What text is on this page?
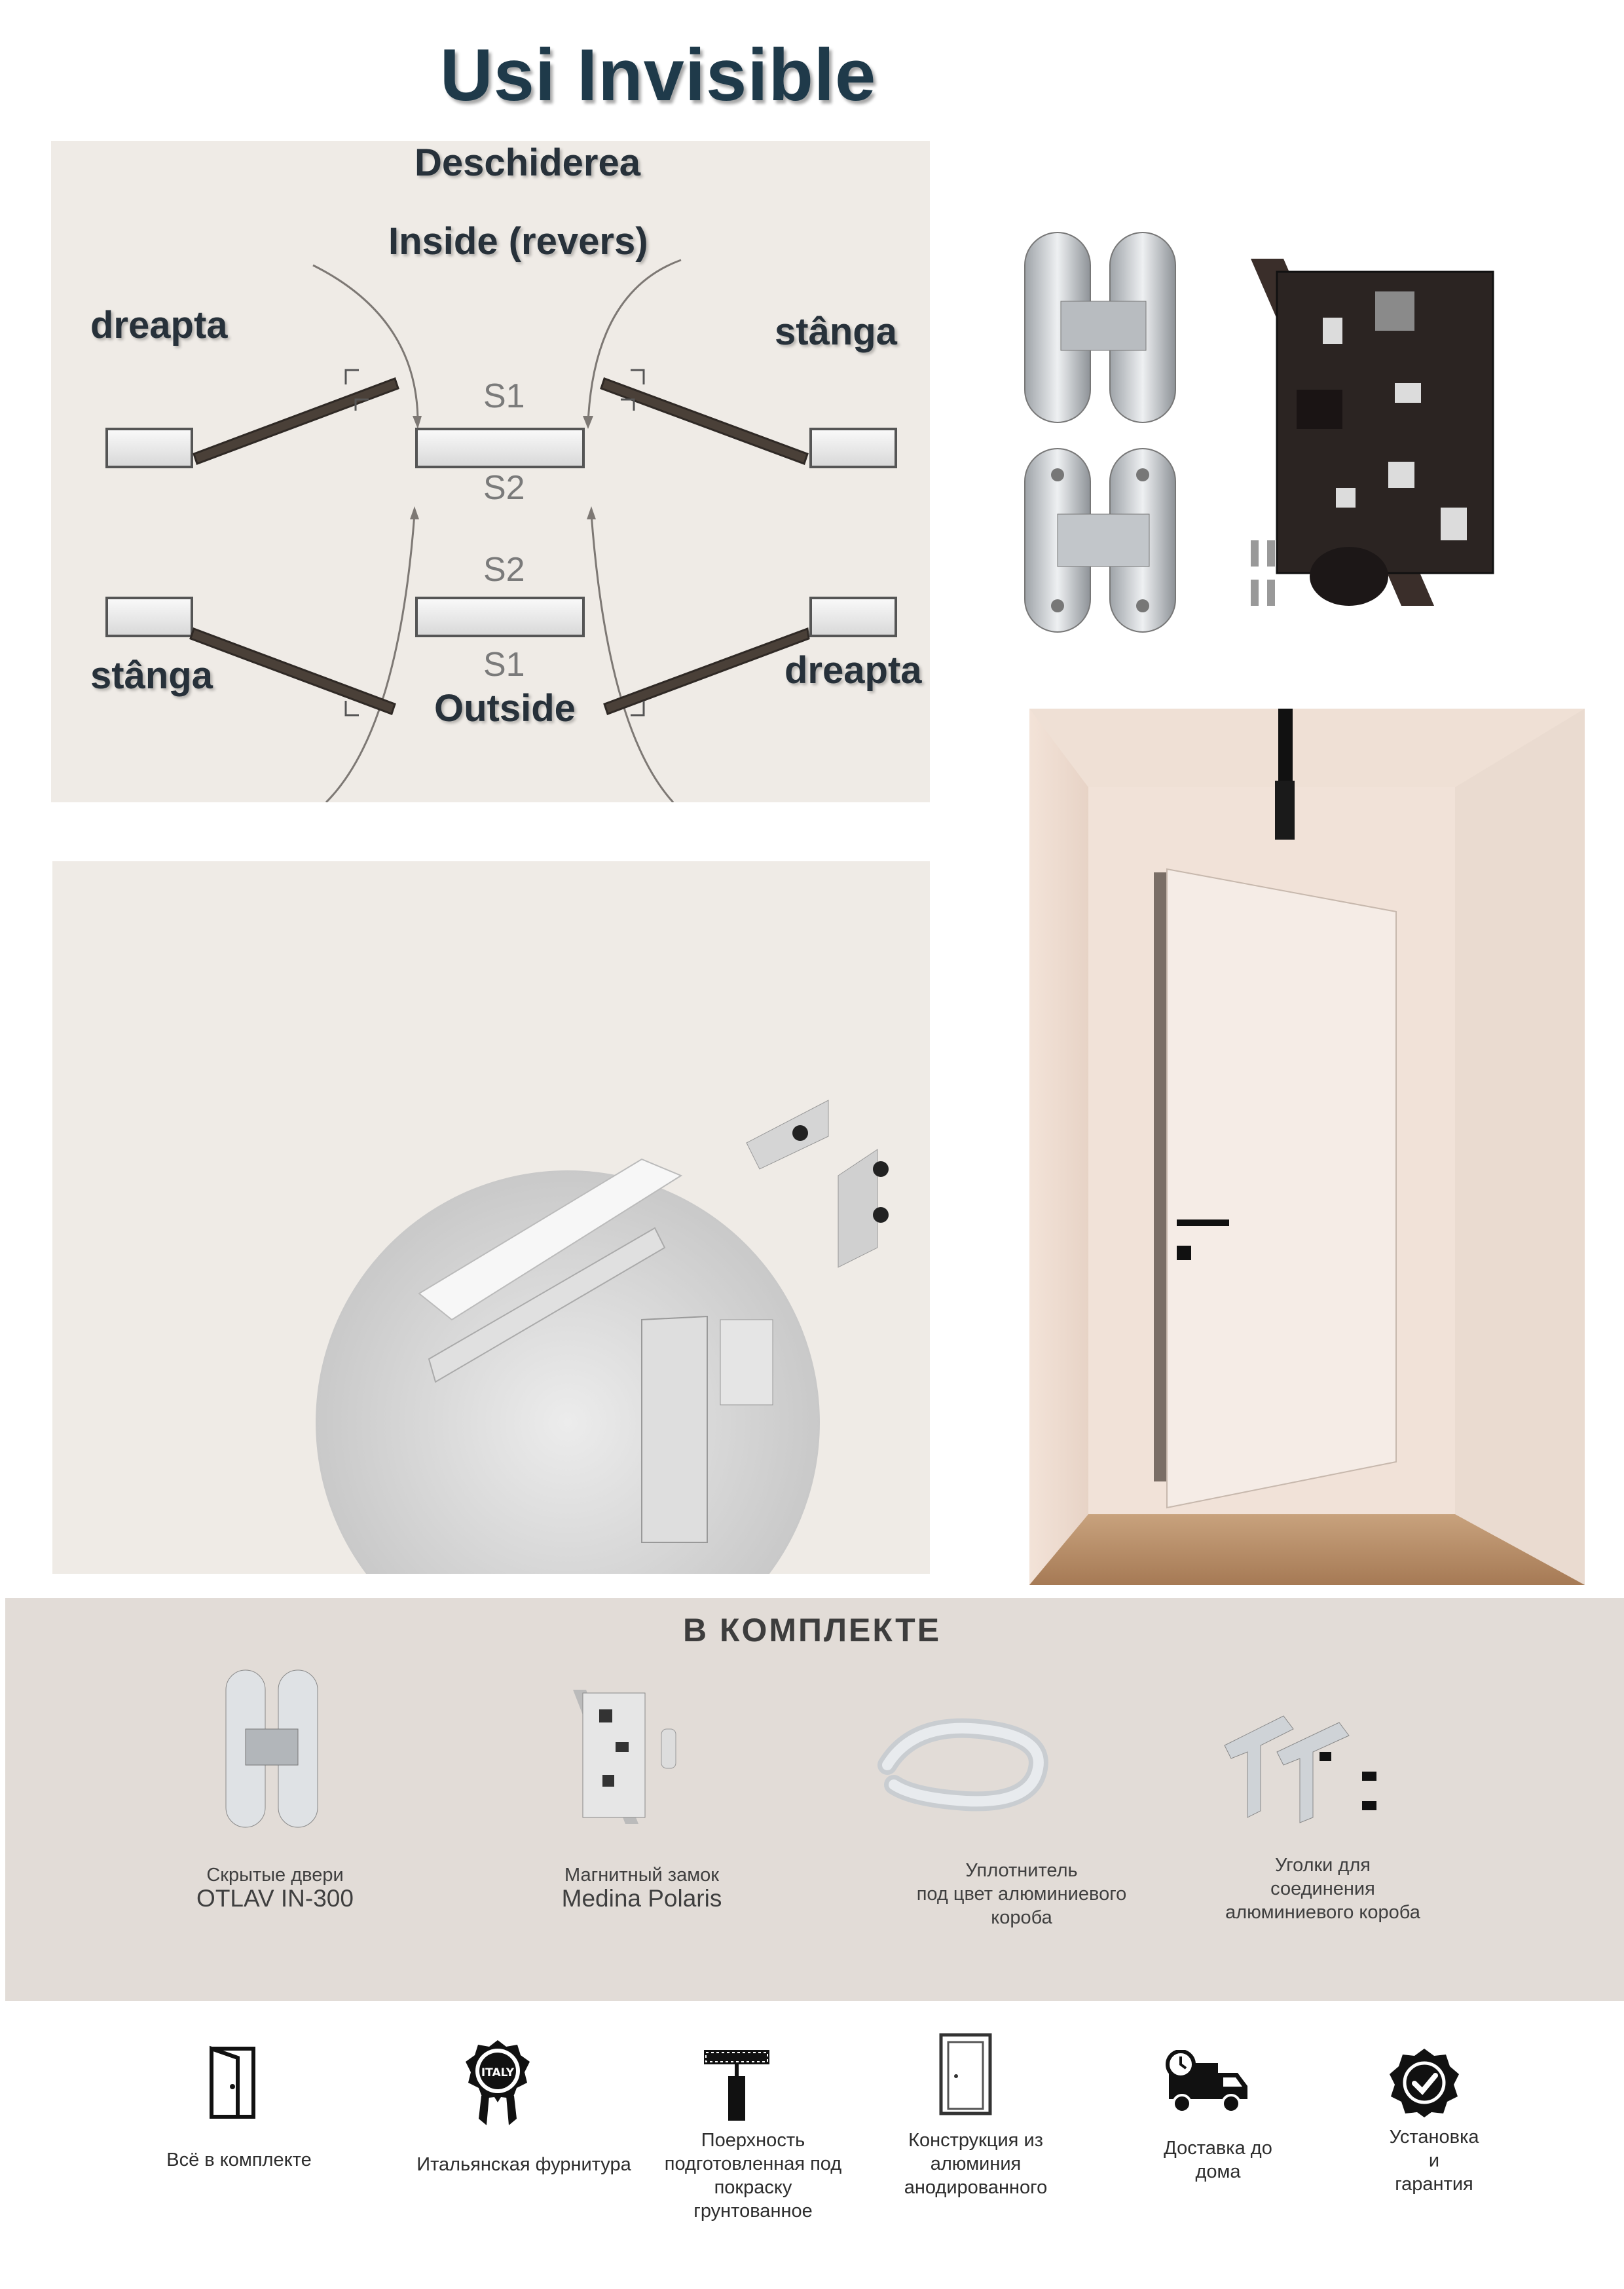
Usi Invisible
Deschiderea
Inside (revers)
dreapta	stânga
S1
S2
S2
S1
stânga	dreapta
Outside
В КОМПЛЕКТЕ
Скрытые двери
OTLAV IN-300
Магнитный замок
Medina Polaris
Уплотнитель
под цвет алюминиевого
короба
Уголки для
соединения
алюминиевого короба
ITALY
Всё в комплекте	Итальянская фурнитура
Поерхность
подготовленная под
покраску
грунтованное
Конструкция из
алюминия
анодированного
Доставка до
дома
Установка
и
гарантия
